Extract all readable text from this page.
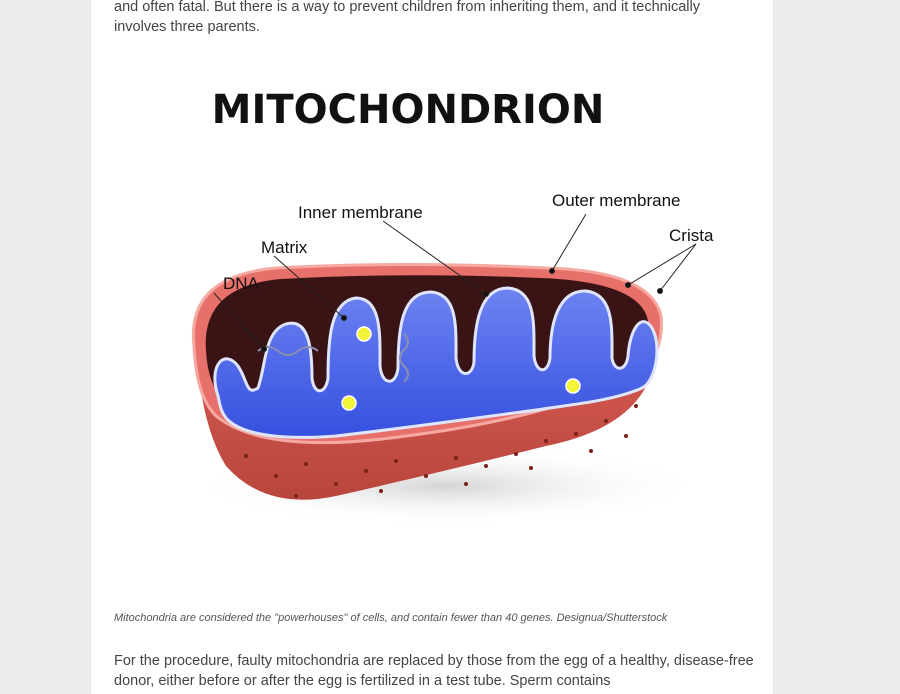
and often fatal. But there is a way to prevent children from inheriting them, and it technically involves three parents.

MITOCHONDRION
Inner membrane
Outer membrane
Matrix
Crista
DNA

Mitochondria are considered the "powerhouses" of cells, and contain fewer than 40 genes. Designua/Shutterstock

For the procedure, faulty mitochondria are replaced by those from the egg of a healthy, disease-free donor, either before or after the egg is fertilized in a test tube. Sperm contains
